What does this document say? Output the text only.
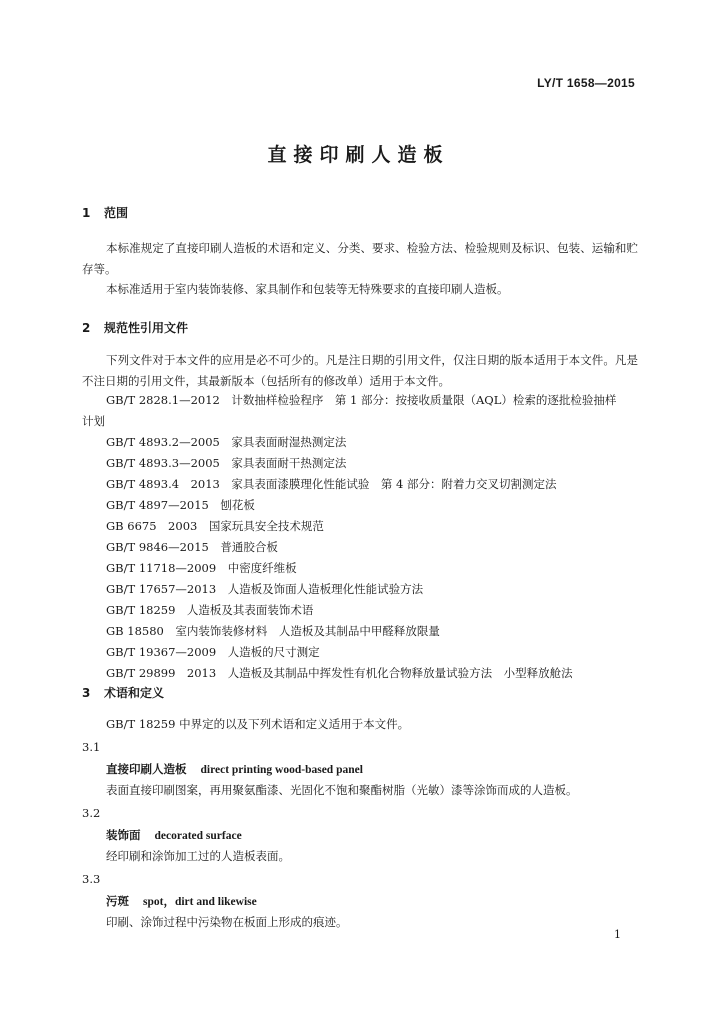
LY/T 1658—2015
直接印刷人造板
1 范围
本标准规定了直接印刷人造板的术语和定义、分类、要求、检验方法、检验规则及标识、包装、运输和贮存等。
本标准适用于室内装饰装修、家具制作和包装等无特殊要求的直接印刷人造板。
2 规范性引用文件
下列文件对于本文件的应用是必不可少的。凡是注日期的引用文件，仅注日期的版本适用于本文件。凡是不注日期的引用文件，其最新版本（包括所有的修改单）适用于本文件。
GB/T 2828.1—2012　计数抽样检验程序　第 1 部分：按接收质量限（AQL）检索的逐批检验抽样
计划
GB/T 4893.2—2005　家具表面耐湿热测定法
GB/T 4893.3—2005　家具表面耐干热测定法
GB/T 4893.4　2013　家具表面漆膜理化性能试验　第 4 部分：附着力交叉切割测定法
GB/T 4897—2015　刨花板
GB 6675　2003　国家玩具安全技术规范
GB/T 9846—2015　普通胶合板
GB/T 11718—2009　中密度纤维板
GB/T 17657—2013　人造板及饰面人造板理化性能试验方法
GB/T 18259　人造板及其表面装饰术语
GB 18580　室内装饰装修材料　人造板及其制品中甲醛释放限量
GB/T 19367—2009　人造板的尺寸测定
GB/T 29899　2013　人造板及其制品中挥发性有机化合物释放量试验方法　小型释放舱法
3 术语和定义
GB/T 18259 中界定的以及下列术语和定义适用于本文件。
3.1
直接印刷人造板 direct printing wood-based panel
表面直接印刷图案，再用聚氨酯漆、光固化不饱和聚酯树脂（光敏）漆等涂饰而成的人造板。
3.2
装饰面 decorated surface
经印刷和涂饰加工过的人造板表面。
3.3
污斑 spot，dirt and likewise
印刷、涂饰过程中污染物在板面上形成的痕迹。
1
